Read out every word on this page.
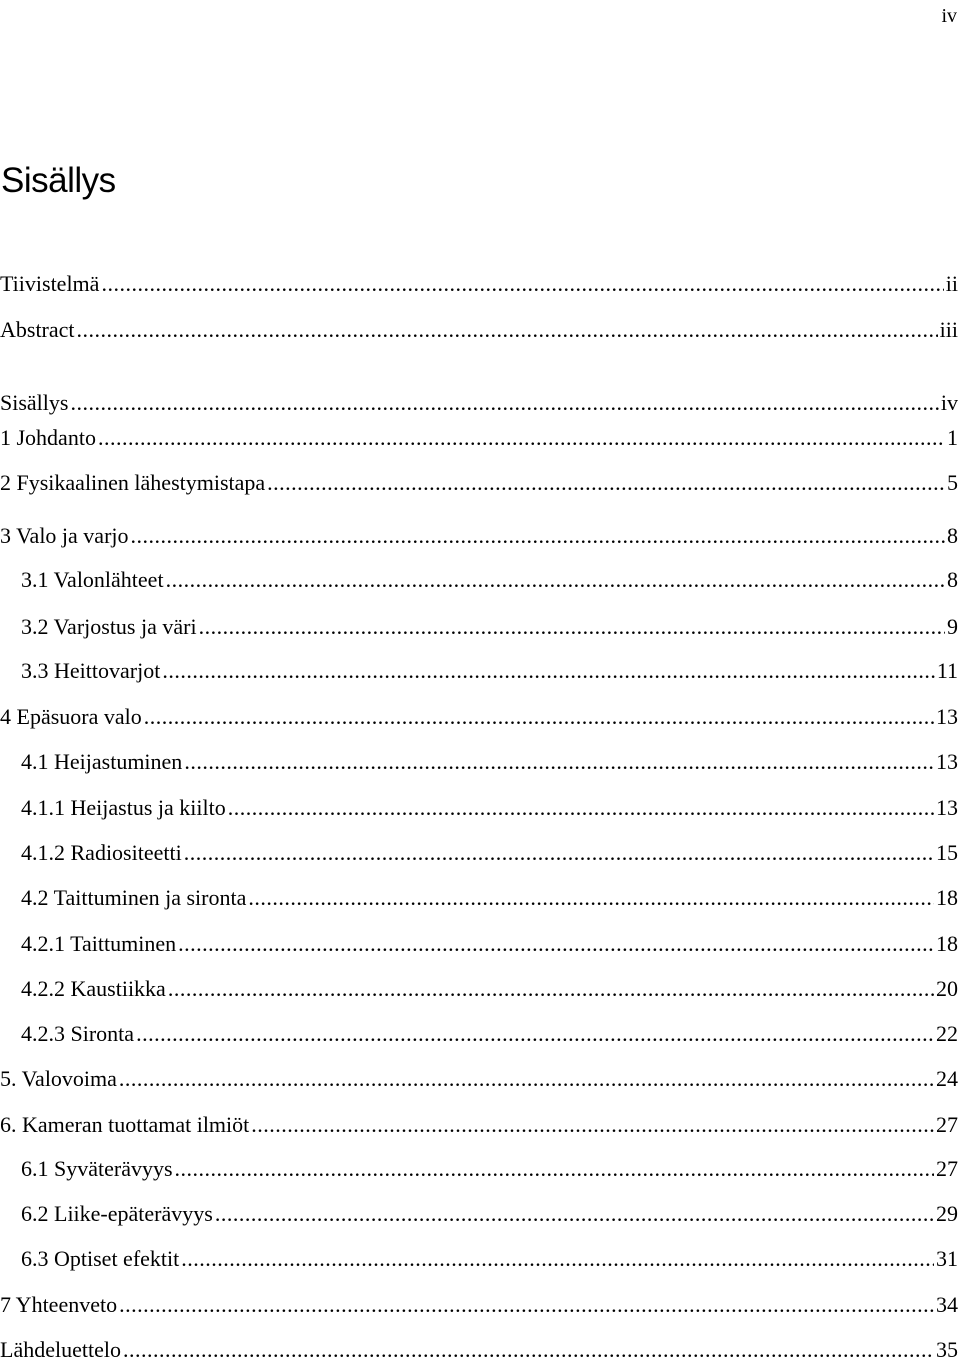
iv
Sisällys
Tiivistelmä .....	ii
Abstract .....	iii
Sisällys .....	iv
1 Johdanto .....	1
2 Fysikaalinen lähestymistapa .....	5
3 Valo ja varjo .....	8
3.1 Valonlähteet .....	8
3.2 Varjostus ja väri .....	9
3.3 Heittovarjot .....	11
4 Epäsuora valo .....	13
4.1 Heijastuminen .....	13
4.1.1 Heijastus ja kiilto .....	13
4.1.2 Radiositeetti .....	15
4.2 Taittuminen ja sironta .....	18
4.2.1 Taittuminen .....	18
4.2.2 Kaustiikka .....	20
4.2.3 Sironta .....	22
5. Valovoima .....	24
6. Kameran tuottamat ilmiöt .....	27
6.1 Syväterävyys .....	27
6.2 Liike-epäterävyys .....	29
6.3 Optiset efektit .....	31
7 Yhteenveto .....	34
Lähdeluettelo .....	35
